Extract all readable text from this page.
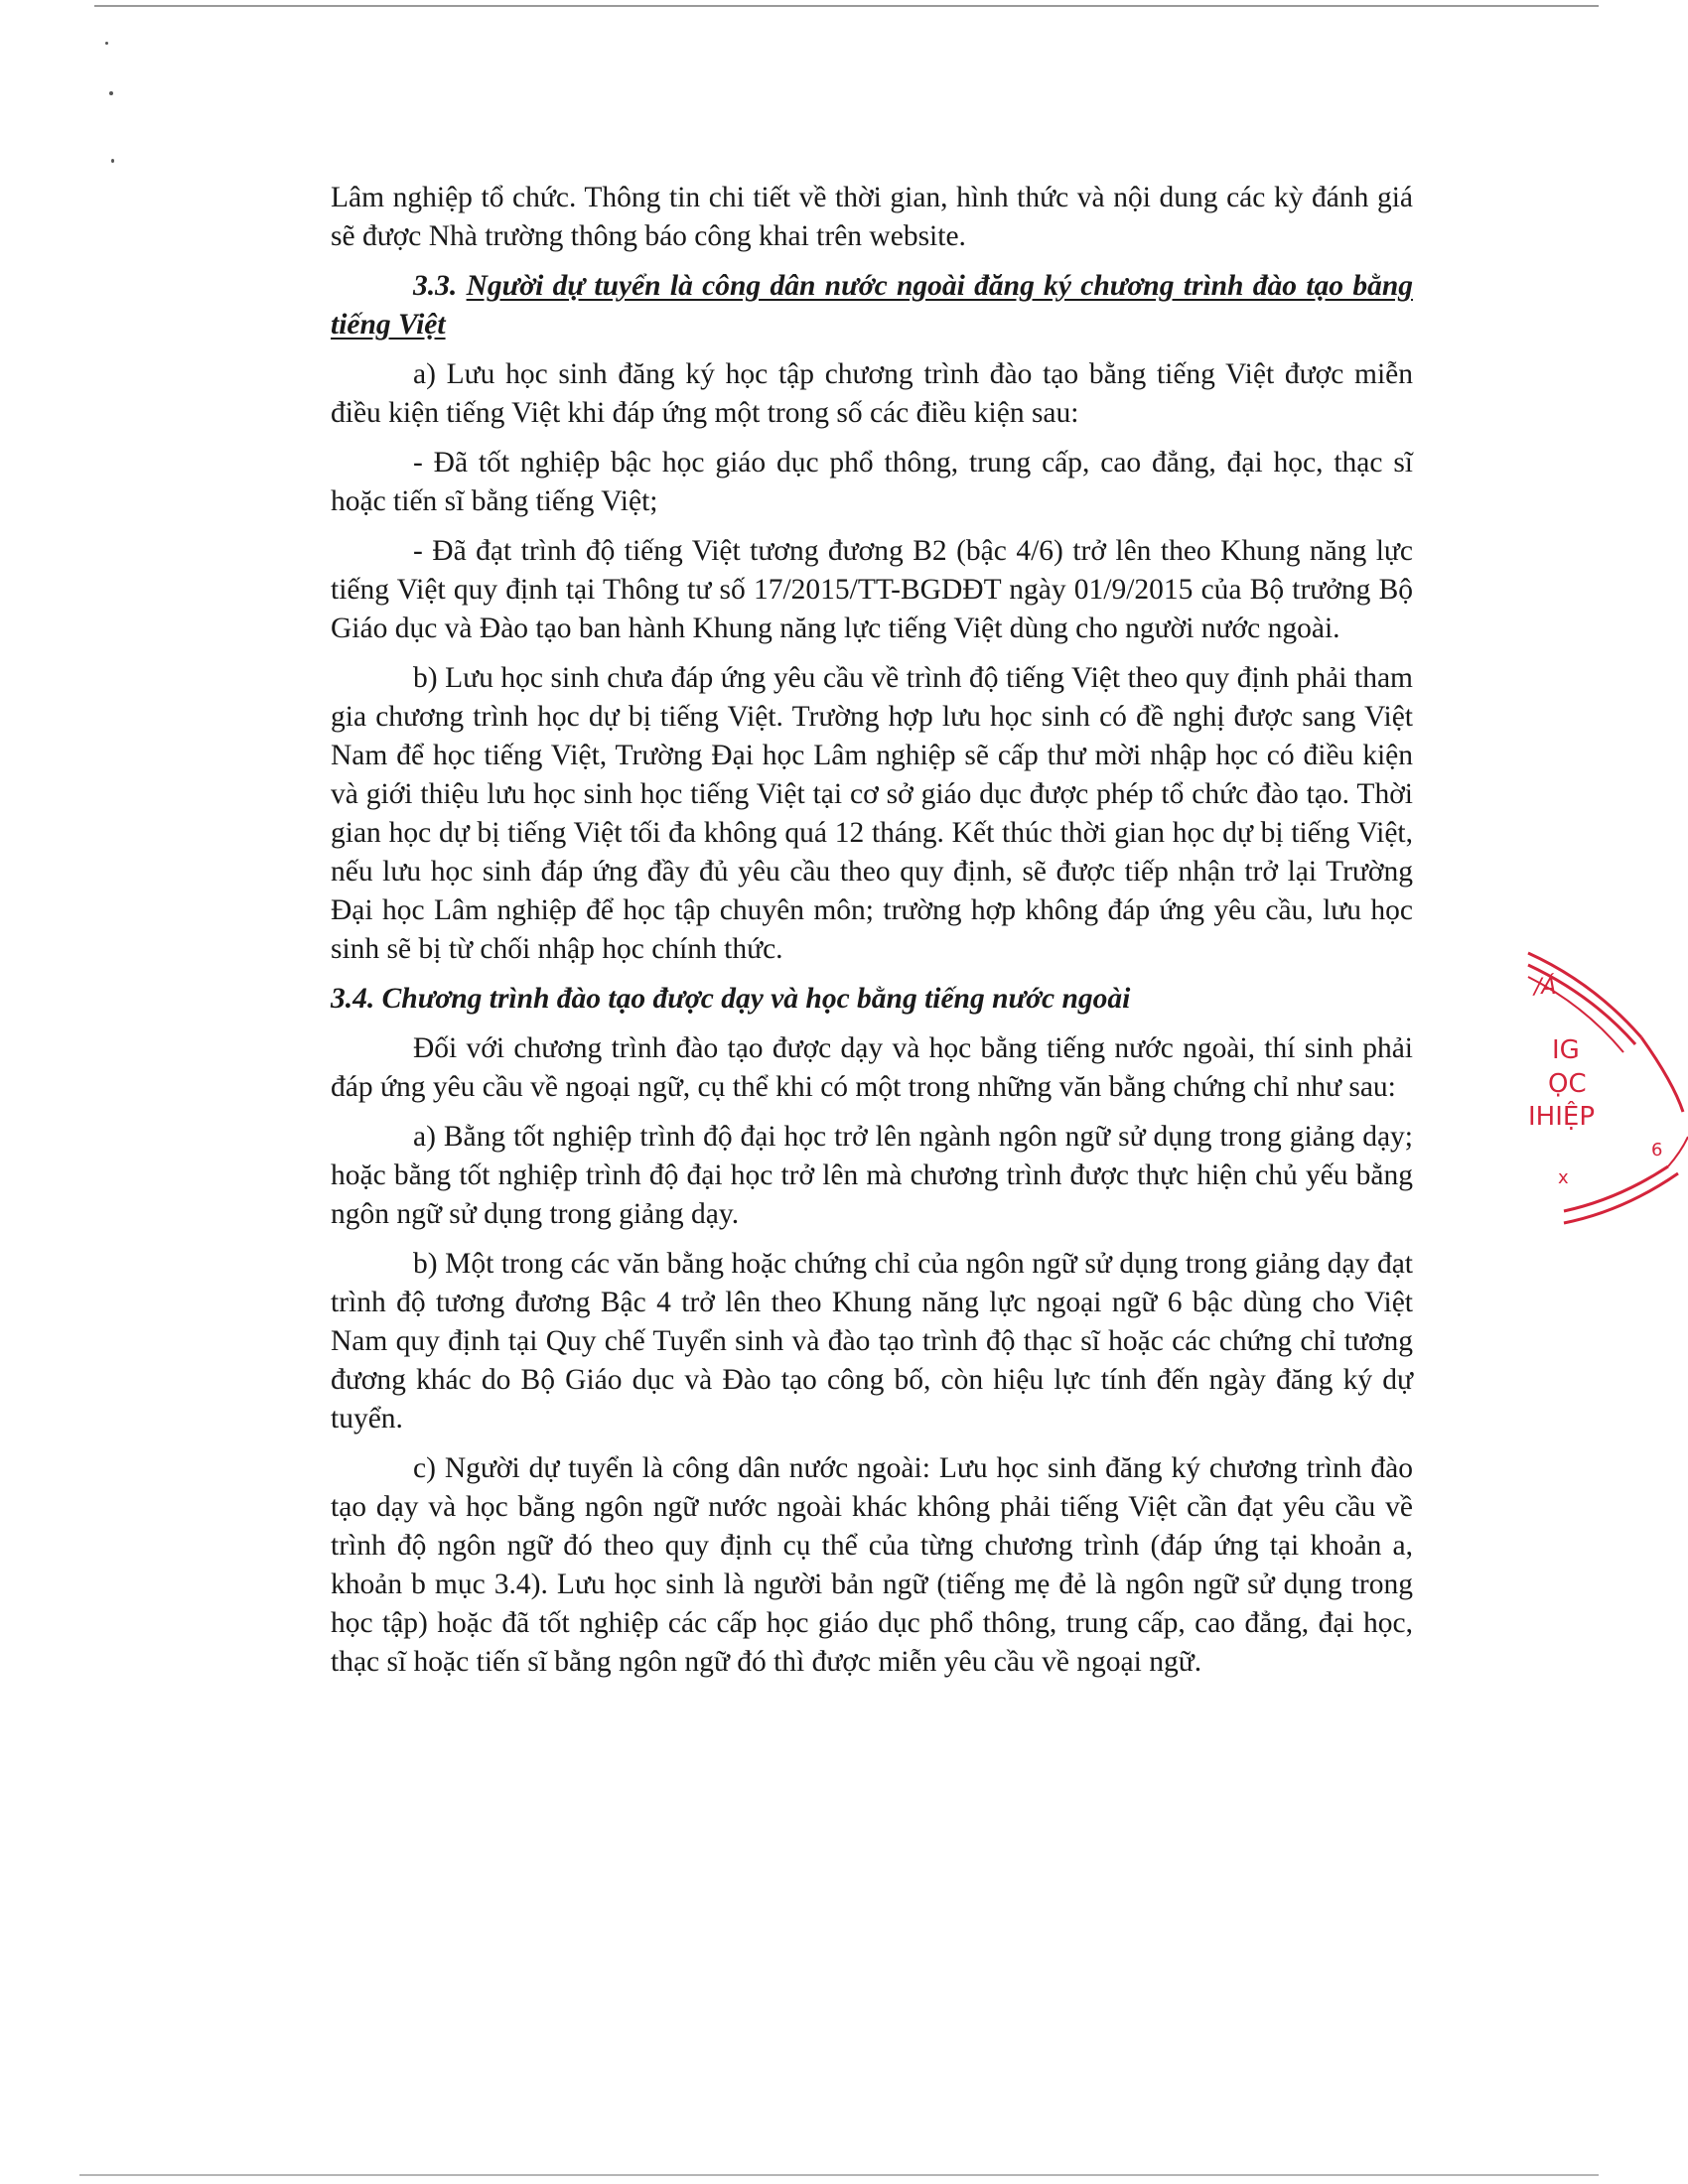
Lâm nghiệp tổ chức. Thông tin chi tiết về thời gian, hình thức và nội dung các kỳ đánh giá sẽ được Nhà trường thông báo công khai trên website.

3.3. Người dự tuyển là công dân nước ngoài đăng ký chương trình đào tạo bằng tiếng Việt

a) Lưu học sinh đăng ký học tập chương trình đào tạo bằng tiếng Việt được miễn điều kiện tiếng Việt khi đáp ứng một trong số các điều kiện sau:

- Đã tốt nghiệp bậc học giáo dục phổ thông, trung cấp, cao đẳng, đại học, thạc sĩ hoặc tiến sĩ bằng tiếng Việt;

- Đã đạt trình độ tiếng Việt tương đương B2 (bậc 4/6) trở lên theo Khung năng lực tiếng Việt quy định tại Thông tư số 17/2015/TT-BGDĐT ngày 01/9/2015 của Bộ trưởng Bộ Giáo dục và Đào tạo ban hành Khung năng lực tiếng Việt dùng cho người nước ngoài.

b) Lưu học sinh chưa đáp ứng yêu cầu về trình độ tiếng Việt theo quy định phải tham gia chương trình học dự bị tiếng Việt. Trường hợp lưu học sinh có đề nghị được sang Việt Nam để học tiếng Việt, Trường Đại học Lâm nghiệp sẽ cấp thư mời nhập học có điều kiện và giới thiệu lưu học sinh học tiếng Việt tại cơ sở giáo dục được phép tổ chức đào tạo. Thời gian học dự bị tiếng Việt tối đa không quá 12 tháng. Kết thúc thời gian học dự bị tiếng Việt, nếu lưu học sinh đáp ứng đầy đủ yêu cầu theo quy định, sẽ được tiếp nhận trở lại Trường Đại học Lâm nghiệp để học tập chuyên môn; trường hợp không đáp ứng yêu cầu, lưu học sinh sẽ bị từ chối nhập học chính thức.

3.4. Chương trình đào tạo được dạy và học bằng tiếng nước ngoài

Đối với chương trình đào tạo được dạy và học bằng tiếng nước ngoài, thí sinh phải đáp ứng yêu cầu về ngoại ngữ, cụ thể khi có một trong những văn bằng chứng chỉ như sau:

a) Bằng tốt nghiệp trình độ đại học trở lên ngành ngôn ngữ sử dụng trong giảng dạy; hoặc bằng tốt nghiệp trình độ đại học trở lên mà chương trình được thực hiện chủ yếu bằng ngôn ngữ sử dụng trong giảng dạy.

b) Một trong các văn bằng hoặc chứng chỉ của ngôn ngữ sử dụng trong giảng dạy đạt trình độ tương đương Bậc 4 trở lên theo Khung năng lực ngoại ngữ 6 bậc dùng cho Việt Nam quy định tại Quy chế Tuyển sinh và đào tạo trình độ thạc sĩ hoặc các chứng chỉ tương đương khác do Bộ Giáo dục và Đào tạo công bố, còn hiệu lực tính đến ngày đăng ký dự tuyển.

c) Người dự tuyển là công dân nước ngoài: Lưu học sinh đăng ký chương trình đào tạo dạy và học bằng ngôn ngữ nước ngoài khác không phải tiếng Việt cần đạt yêu cầu về trình độ ngôn ngữ đó theo quy định cụ thể của từng chương trình (đáp ứng tại khoản a, khoản b mục 3.4). Lưu học sinh là người bản ngữ (tiếng mẹ đẻ là ngôn ngữ sử dụng trong học tập) hoặc đã tốt nghiệp các cấp học giáo dục phổ thông, trung cấp, cao đẳng, đại học, thạc sĩ hoặc tiến sĩ bằng ngôn ngữ đó thì được miễn yêu cầu về ngoại ngữ.

/Á
IG
ỌC
IHIỆP
6
x
